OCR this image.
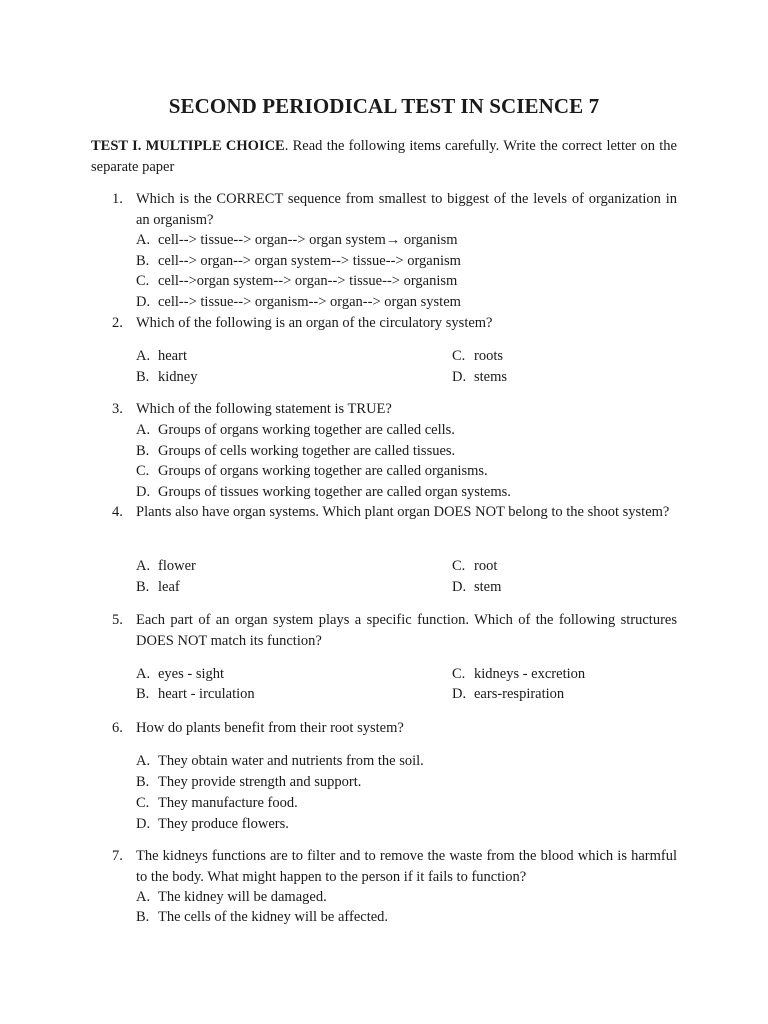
SECOND PERIODICAL TEST IN SCIENCE 7
TEST I. MULTIPLE CHOICE. Read the following items carefully. Write the correct letter on the separate paper
1. Which is the CORRECT sequence from smallest to biggest of the levels of organization in an organism?
A. cell--> tissue--> organ--> organ system→ organism
B. cell--> organ--> organ system--> tissue--> organism
C. cell-->organ system--> organ--> tissue--> organism
D. cell--> tissue--> organism--> organ--> organ system
2. Which of the following is an organ of the circulatory system?
A. heart
B. kidney
C. roots
D. stems
3. Which of the following statement is TRUE?
A. Groups of organs working together are called cells.
B. Groups of cells working together are called tissues.
C. Groups of organs working together are called organisms.
D. Groups of tissues working together are called organ systems.
4. Plants also have organ systems. Which plant organ DOES NOT belong to the shoot system?
A. flower
B. leaf
C. root
D. stem
5. Each part of an organ system plays a specific function. Which of the following structures DOES NOT match its function?
A. eyes - sight
B. heart - irculation
C. kidneys - excretion
D. ears-respiration
6. How do plants benefit from their root system?
A. They obtain water and nutrients from the soil.
B. They provide strength and support.
C. They manufacture food.
D. They produce flowers.
7. The kidneys functions are to filter and to remove the waste from the blood which is harmful to the body. What might happen to the person if it fails to function?
A. The kidney will be damaged.
B. The cells of the kidney will be affected.
